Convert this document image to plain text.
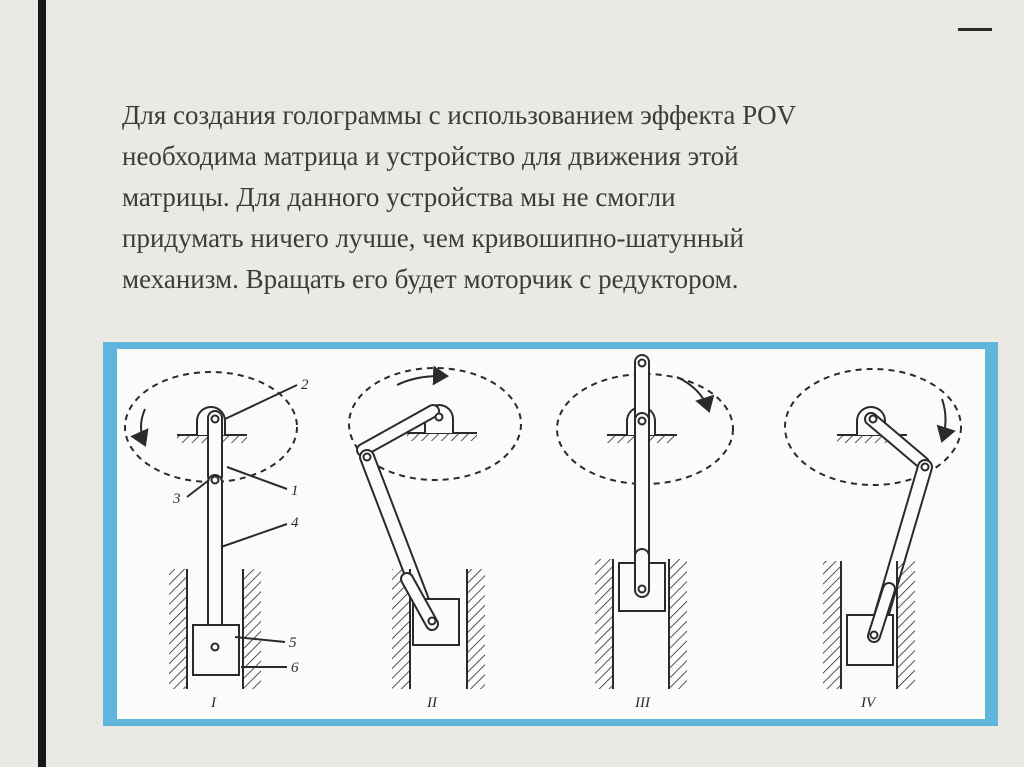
Для создания голограммы с использованием эффекта POV
необходима матрица и устройство для движения этой
матрицы. Для данного устройства мы не смогли
придумать ничего лучше, чем кривошипно-шатунный
механизм. Вращать его будет моторчик с редуктором.

2
1
3
4
5
6
I	II	III	IV
